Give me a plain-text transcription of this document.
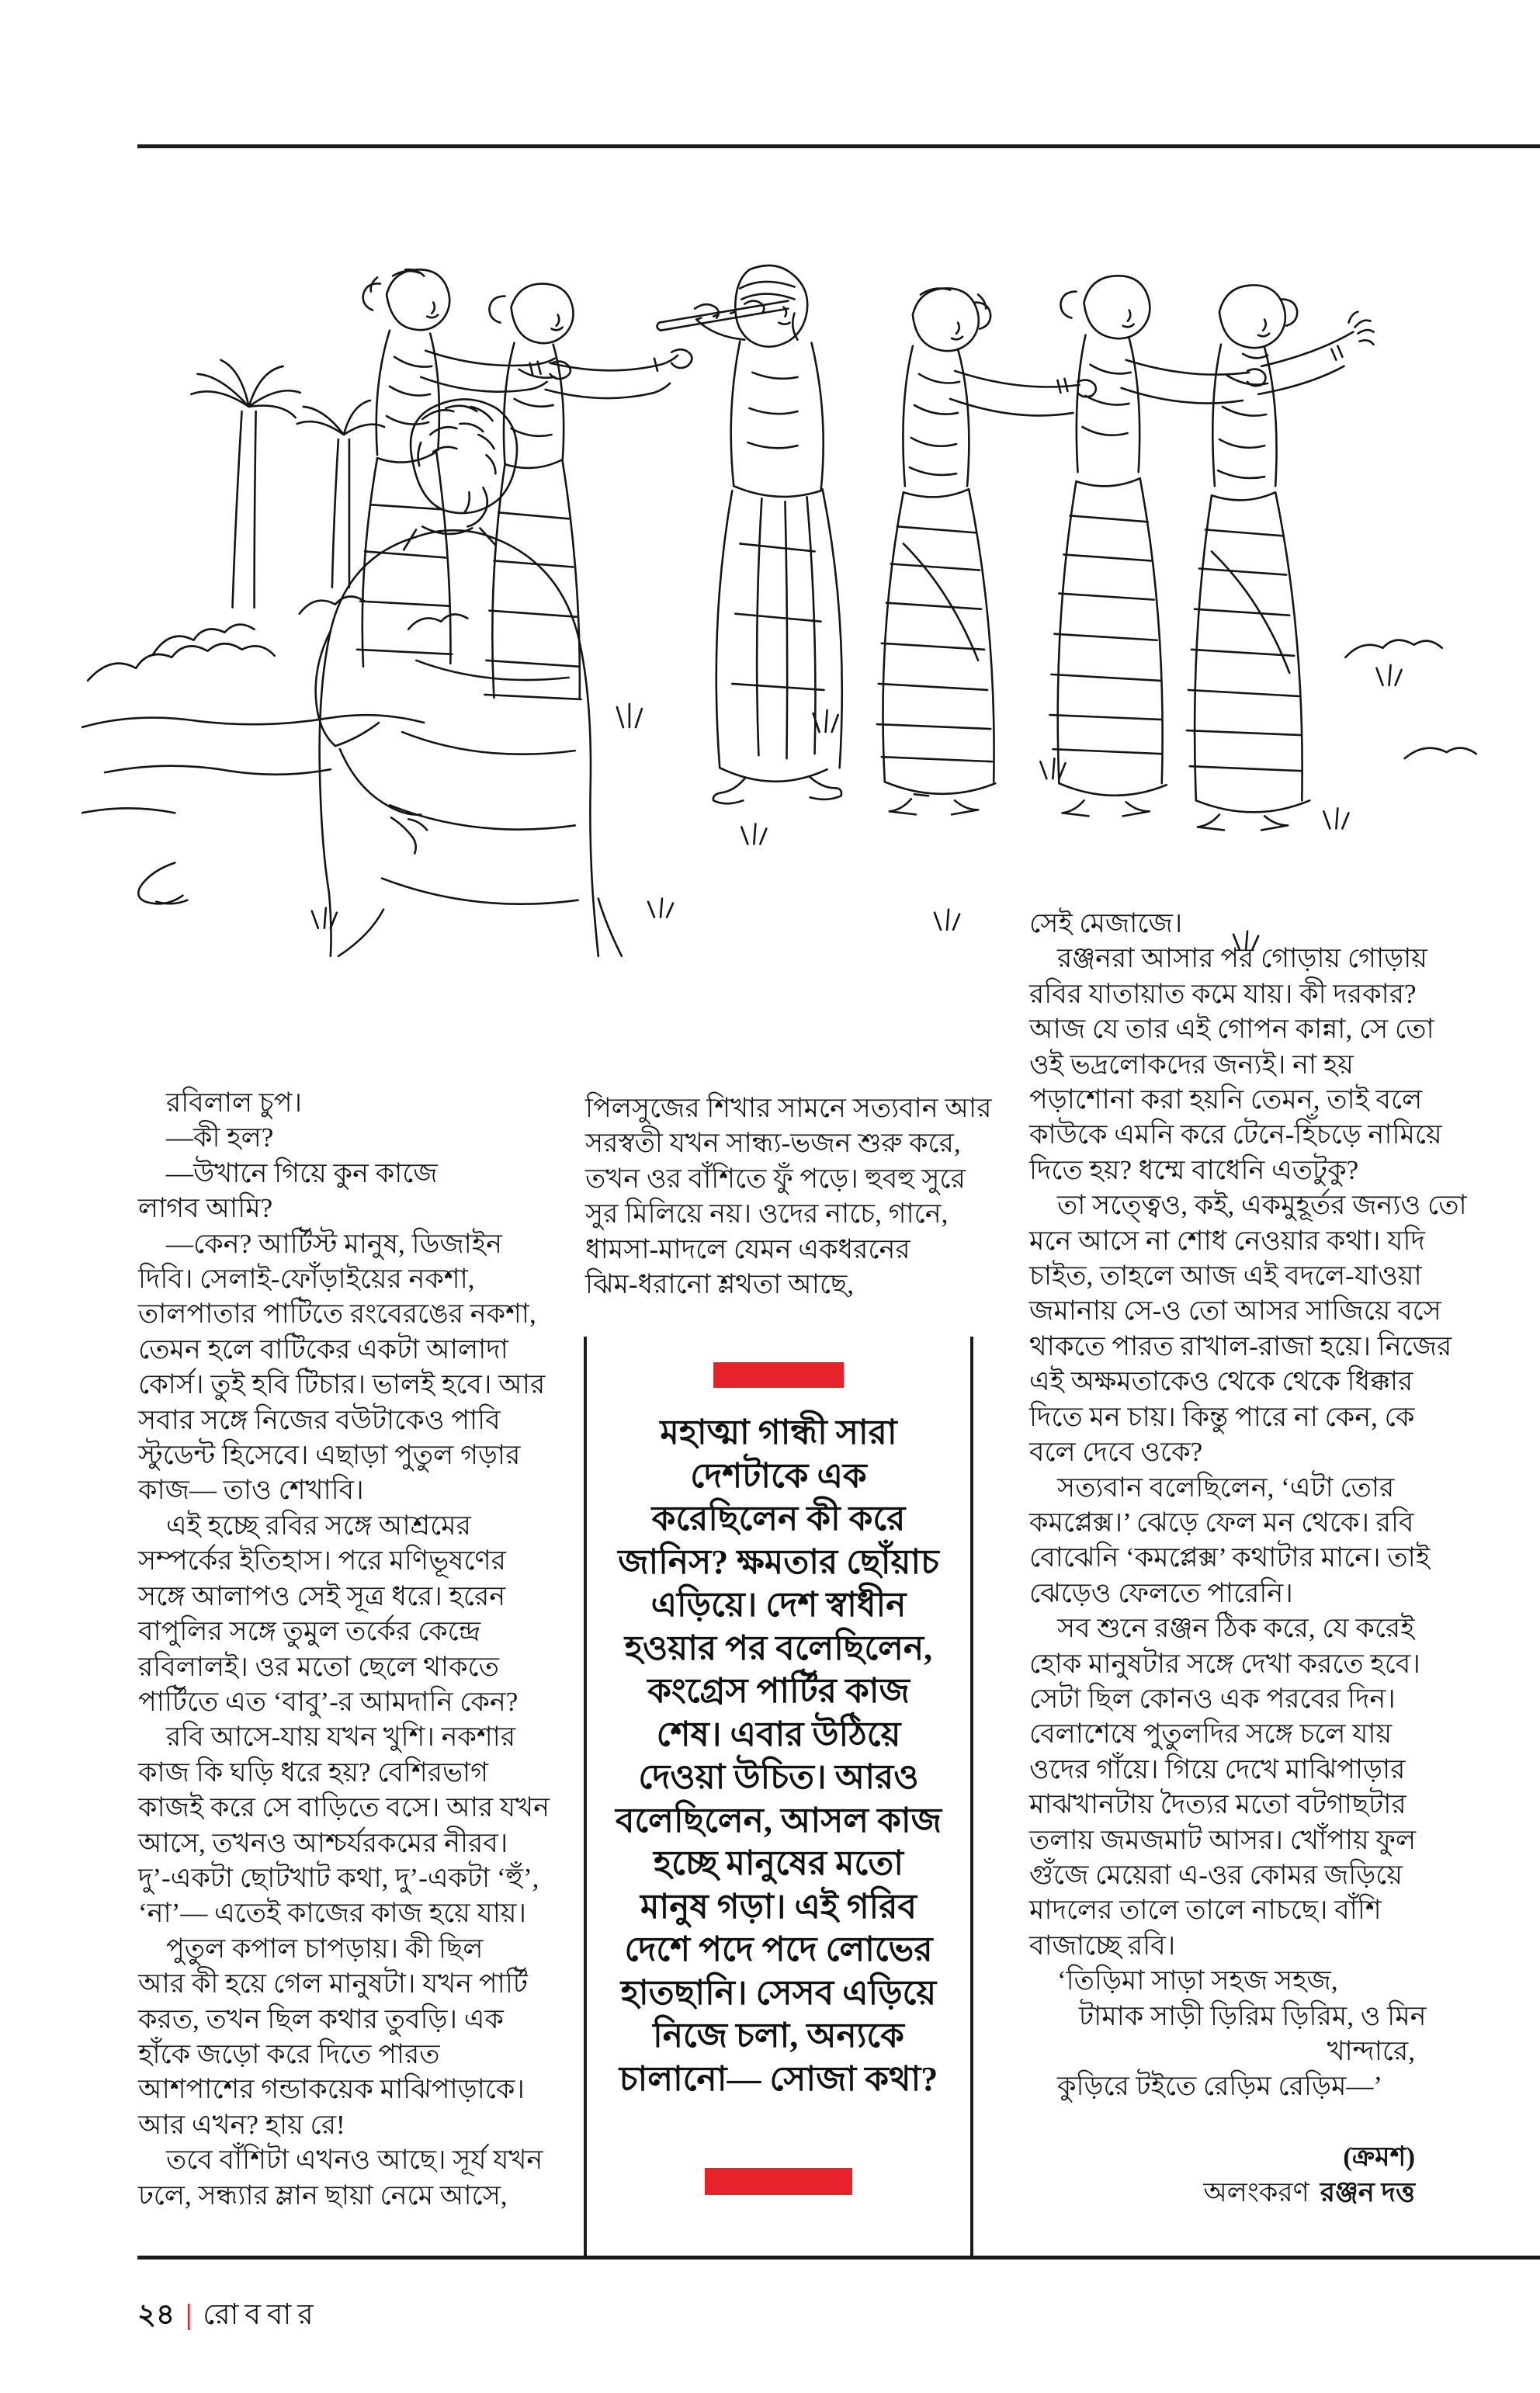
রবিলাল চুপ।
—কী হল?
—উখানে গিয়ে কুন কাজে
লাগব আমি?
—কেন? আর্টিস্ট মানুষ, ডিজাইন
দিবি। সেলাই-ফোঁড়াইয়ের নকশা,
তালপাতার পাটিতে রংবেরঙের নকশা,
তেমন হলে বাটিকের একটা আলাদা
কোর্স। তুই হবি টিচার। ভালই হবে। আর
সবার সঙ্গে নিজের বউটাকেও পাবি
স্টুডেন্ট হিসেবে। এছাড়া পুতুল গড়ার
কাজ— তাও শেখাবি।
এই হচ্ছে রবির সঙ্গে আশ্রমের
সম্পর্কের ইতিহাস। পরে মণিভূষণের
সঙ্গে আলাপও সেই সূত্র ধরে। হরেন
বাপুলির সঙ্গে তুমুল তর্কের কেন্দ্রে
রবিলালই। ওর মতো ছেলে থাকতে
পার্টিতে এত ‘বাবু’-র আমদানি কেন?
রবি আসে-যায় যখন খুশি। নকশার
কাজ কি ঘড়ি ধরে হয়? বেশিরভাগ
কাজই করে সে বাড়িতে বসে। আর যখন
আসে, তখনও আশ্চর্যরকমের নীরব।
দু’-একটা ছোটখাট কথা, দু’-একটা ‘হুঁ’,
‘না’— এতেই কাজের কাজ হয়ে যায়।
পুতুল কপাল চাপড়ায়। কী ছিল
আর কী হয়ে গেল মানুষটা। যখন পার্টি
করত, তখন ছিল কথার তুবড়ি। এক
হাঁকে জড়ো করে দিতে পারত
আশপাশের গন্ডাকয়েক মাঝিপাড়াকে।
আর এখন? হায় রে!
তবে বাঁশিটা এখনও আছে। সূর্য যখন
ঢলে, সন্ধ্যার ম্লান ছায়া নেমে আসে,
পিলসুজের শিখার সামনে সত্যবান আর
সরস্বতী যখন সান্ধ্য-ভজন শুরু করে,
তখন ওর বাঁশিতে ফুঁ পড়ে। হুবহু সুরে
সুর মিলিয়ে নয়। ওদের নাচে, গানে,
ধামসা-মাদলে যেমন একধরনের
ঝিম-ধরানো শ্লথতা আছে,
মহাত্মা গান্ধী সারা
দেশটাকে এক
করেছিলেন কী করে
জানিস? ক্ষমতার ছোঁয়াচ
এড়িয়ে। দেশ স্বাধীন
হওয়ার পর বলেছিলেন,
কংগ্রেস পার্টির কাজ
শেষ। এবার উঠিয়ে
দেওয়া উচিত। আরও
বলেছিলেন, আসল কাজ
হচ্ছে মানুষের মতো
মানুষ গড়া। এই গরিব
দেশে পদে পদে লোভের
হাতছানি। সেসব এড়িয়ে
নিজে চলা, অন্যকে
চালানো— সোজা কথা?
সেই মেজাজে।
রঞ্জনরা আসার পর গোড়ায় গোড়ায়
রবির যাতায়াত কমে যায়। কী দরকার?
আজ যে তার এই গোপন কান্না, সে তো
ওই ভদ্রলোকদের জন্যই। না হয়
পড়াশোনা করা হয়নি তেমন, তাই বলে
কাউকে এমনি করে টেনে-হিঁচড়ে নামিয়ে
দিতে হয়? ধম্মে বাধেনি এতটুকু?
তা সত্ত্বেও, কই, একমুহূর্তর জন্যও তো
মনে আসে না শোধ নেওয়ার কথা। যদি
চাইত, তাহলে আজ এই বদলে-যাওয়া
জমানায় সে-ও তো আসর সাজিয়ে বসে
থাকতে পারত রাখাল-রাজা হয়ে। নিজের
এই অক্ষমতাকেও থেকে থেকে ধিক্কার
দিতে মন চায়। কিন্তু পারে না কেন, কে
বলে দেবে ওকে?
সত্যবান বলেছিলেন, ‘এটা তোর
কমপ্লেক্স।’ ঝেড়ে ফেল মন থেকে। রবি
বোঝেনি ‘কমপ্লেক্স’ কথাটার মানে। তাই
ঝেড়েও ফেলতে পারেনি।
সব শুনে রঞ্জন ঠিক করে, যে করেই
হোক মানুষটার সঙ্গে দেখা করতে হবে।
সেটা ছিল কোনও এক পরবের দিন।
বেলাশেষে পুতুলদির সঙ্গে চলে যায়
ওদের গাঁয়ে। গিয়ে দেখে মাঝিপাড়ার
মাঝখানটায় দৈত্যর মতো বটগাছটার
তলায় জমজমাট আসর। খোঁপায় ফুল
গুঁজে মেয়েরা এ-ওর কোমর জড়িয়ে
মাদলের তালে তালে নাচছে। বাঁশি
বাজাচ্ছে রবি।
‘তিড়িমা সাড়া সহজ সহজ,
টামাক সাড়ী ড়িরিম ড়িরিম, ও মিন
খান্দারে,
কুড়িরে টইতে রেড়িম রেড়িম—’

(ক্রমশ)
অলংকরণ রঞ্জন দত্ত
২৪ | রোববার
